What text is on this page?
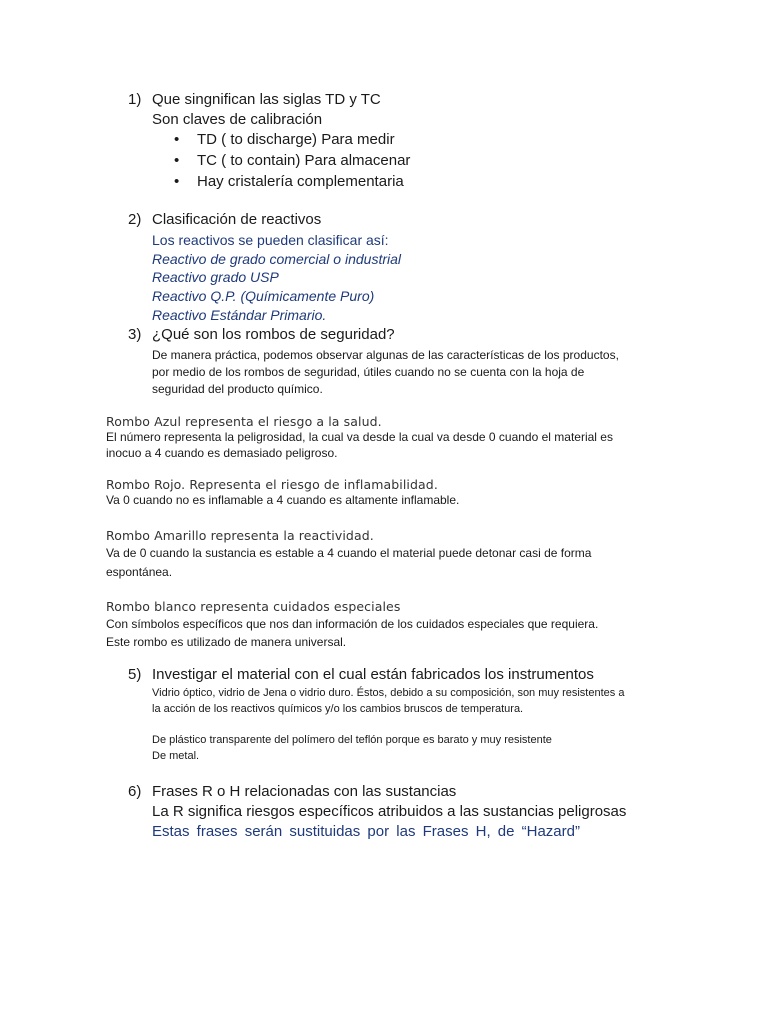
1) Que singnifican las siglas TD y TC
Son claves de calibración
• TD ( to discharge) Para medir
• TC ( to contain) Para almacenar
• Hay cristalería complementaria
2) Clasificación de reactivos
Los reactivos se pueden clasificar así:
Reactivo de grado comercial o industrial
Reactivo grado USP
Reactivo Q.P. (Químicamente Puro)
Reactivo Estándar Primario.
3) ¿Qué son los rombos de seguridad?
De manera práctica, podemos observar algunas de las características de los productos,
por medio de los rombos de seguridad, útiles cuando no se cuenta con la hoja de
seguridad del producto químico.
Rombo Azul representa el riesgo a la salud.
El número representa la peligrosidad, la cual va desde la cual va desde 0 cuando el material es
inocuo a 4 cuando es demasiado peligroso.
Rombo Rojo. Representa el riesgo de inflamabilidad.
Va 0 cuando no es inflamable a 4 cuando es altamente inflamable.
Rombo Amarillo representa la reactividad.
Va de 0 cuando la sustancia es estable a 4 cuando el material puede detonar casi de forma
espontánea.
Rombo blanco representa cuidados especiales
Con símbolos específicos que nos dan información de los cuidados especiales que requiera.
Este rombo es utilizado de manera universal.
5) Investigar el material con el cual están fabricados los instrumentos
Vidrio óptico, vidrio de Jena o vidrio duro. Éstos, debido a su composición, son muy resistentes a
la acción de los reactivos químicos y/o los cambios bruscos de temperatura.
De plástico transparente del polímero del teflón porque es barato y muy resistente
De metal.
6) Frases R o H relacionadas con las sustancias
La R significa riesgos específicos atribuidos a las sustancias peligrosas
Estas frases serán sustituidas por las Frases H, de “Hazard”
